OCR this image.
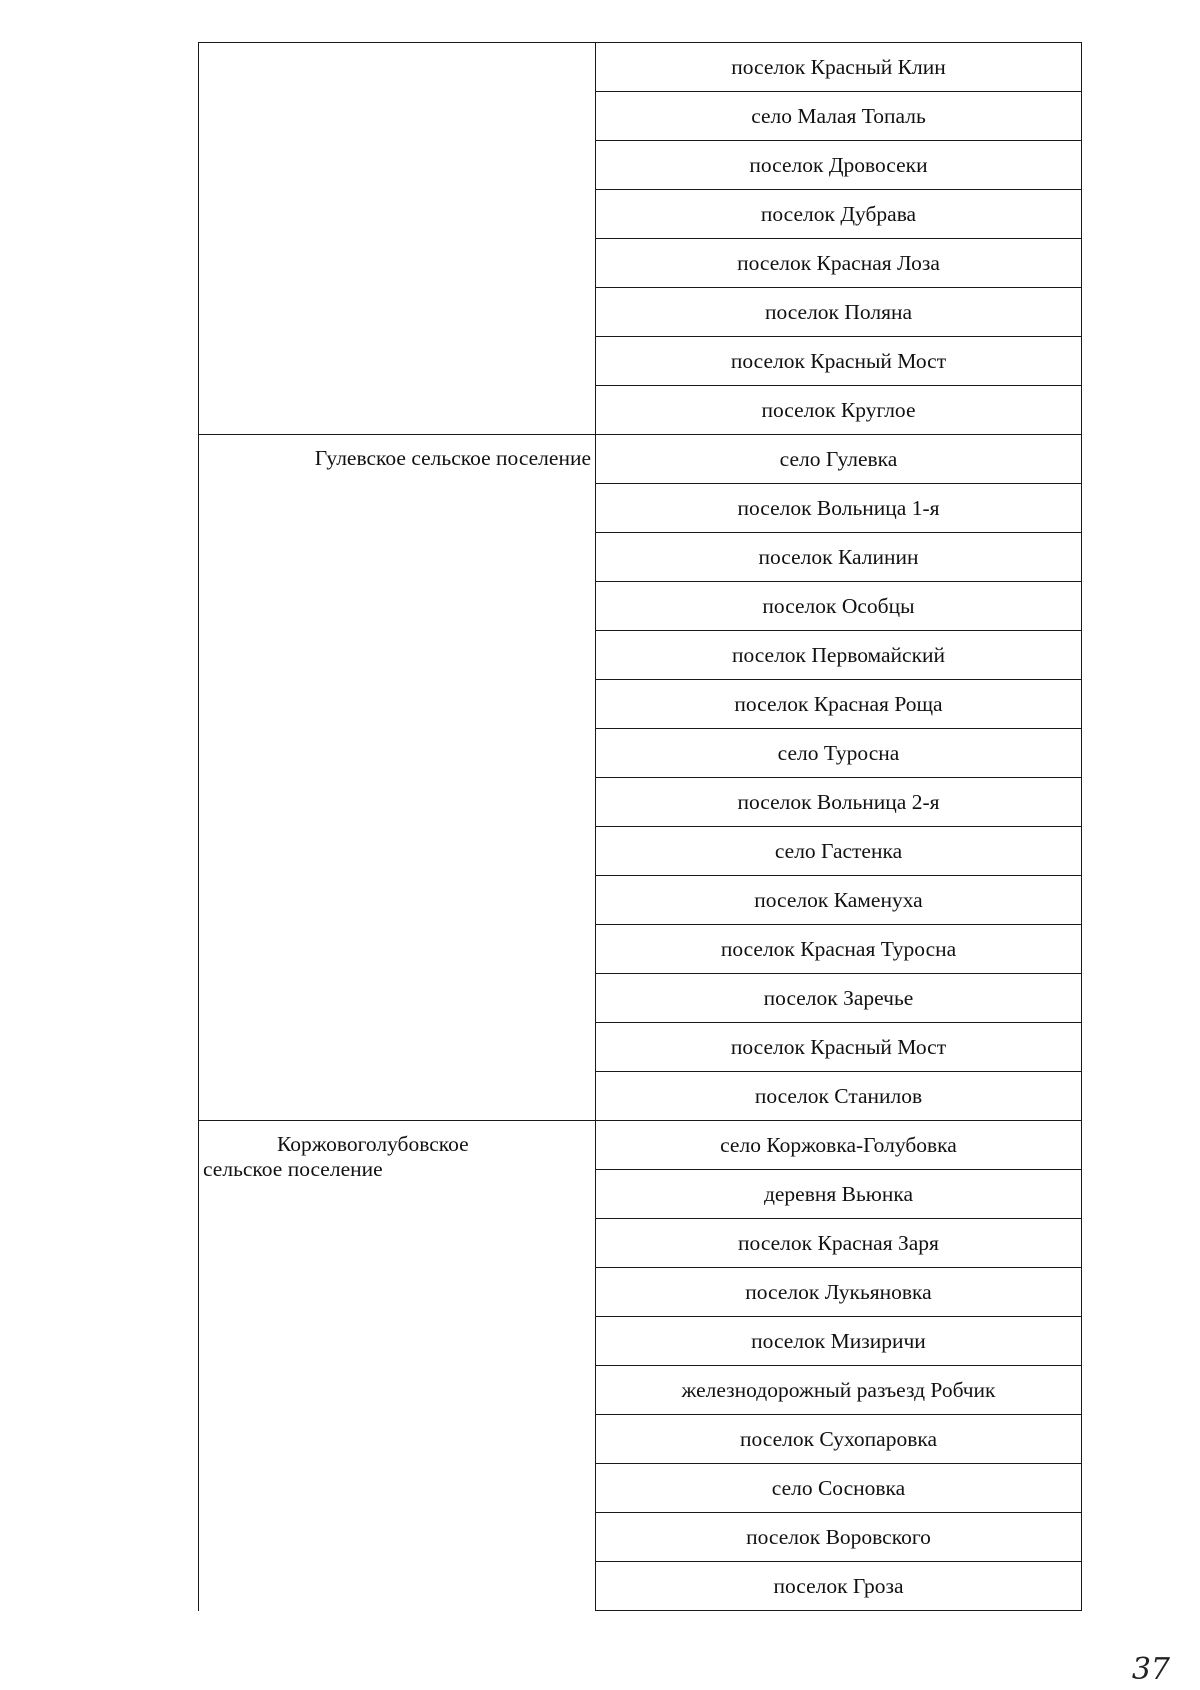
	поселок Красный Клин
	село Малая Топаль
	поселок Дровосеки
	поселок Дубрава
	поселок Красная Лоза
	поселок Поляна
	поселок Красный Мост
	поселок Круглое
Гулевское сельское поселение	село Гулевка
	поселок Вольница 1-я
	поселок Калинин
	поселок Особцы
	поселок Первомайский
	поселок Красная Роща
	село Туросна
	поселок Вольница 2-я
	село Гастенка
	поселок Каменуха
	поселок Красная Туросна
	поселок Заречье
	поселок Красный Мост
	поселок Станилов

Коржовоголубовское
сельское поселение	село Коржовка-Голубовка
	деревня Вьюнка
	поселок Красная Заря
	поселок Лукьяновка
	поселок Мизиричи
	железнодорожный разъезд Робчик
	поселок Сухопаровка
	село Сосновка
	поселок Воровского
	поселок Гроза
37
